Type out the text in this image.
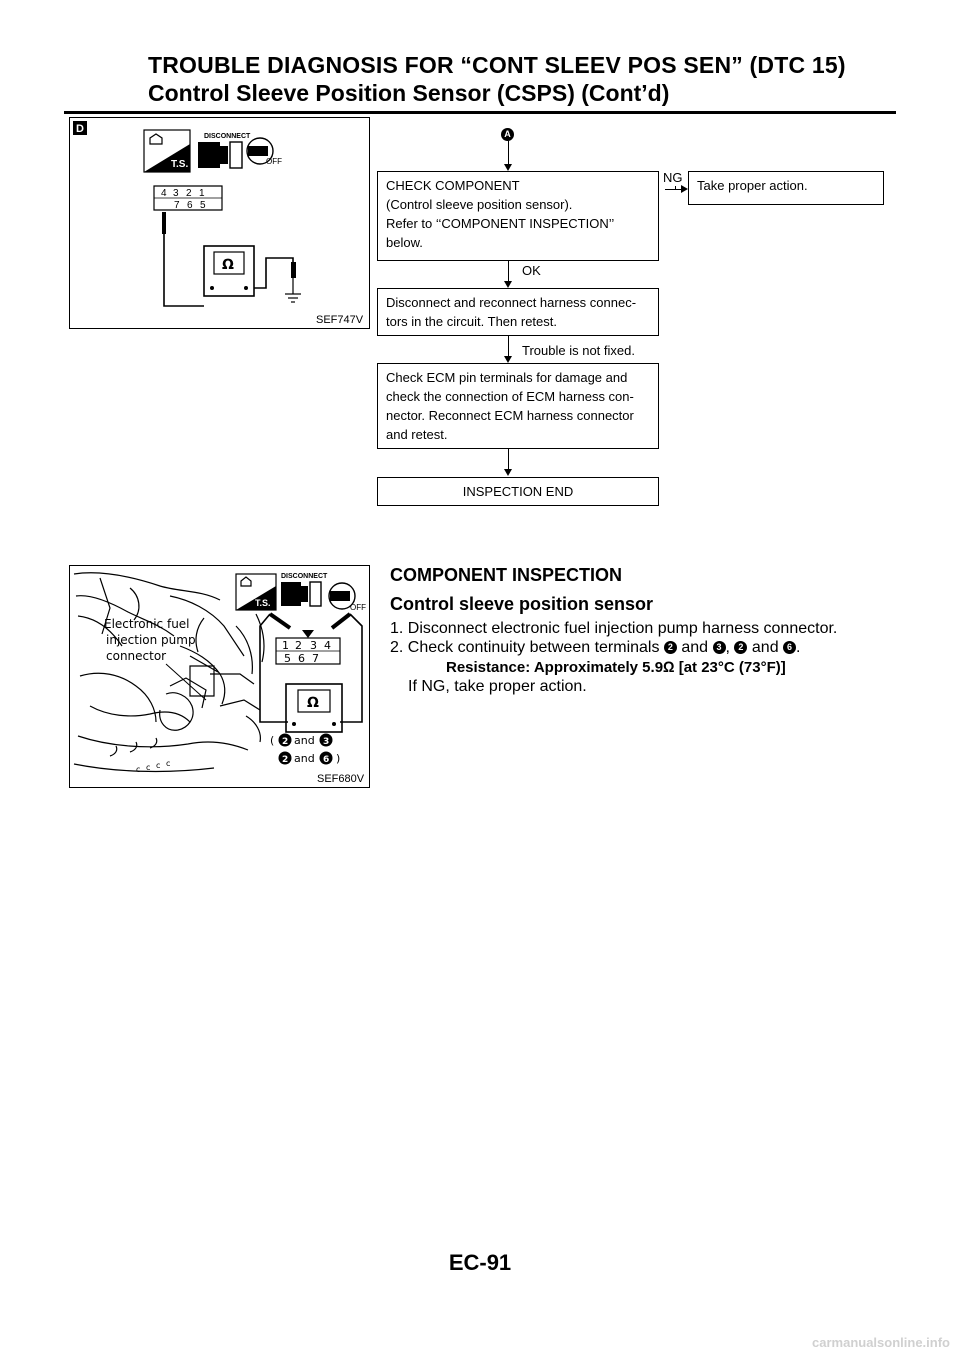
TROUBLE DIAGNOSIS FOR “CONT SLEEV POS SEN” (DTC 15)
Control Sleeve Position Sensor (CSPS) (Cont’d)
D
T.S.
DISCONNECT
OFF
4 3 2 1
7 6 5
Ω
SEF747V
A
CHECK COMPONENT
(Control sleeve position sensor).
Refer to ‘‘COMPONENT INSPECTION’’
below.
NG
Take proper action.
OK
Disconnect and reconnect harness connec-
tors in the circuit. Then retest.
Trouble is not fixed.
Check ECM pin terminals for damage and
check the connection of ECM harness con-
nector. Reconnect ECM harness connector
and retest.
INSPECTION END
c c c c
Electronic fuel
injection pump
connector
T.S.
DISCONNECT
OFF
1 2 3 4
5 6 7
Ω
( 2 and 3
2 and 6 )
SEF680V
COMPONENT INSPECTION
Control sleeve position sensor
1. Disconnect electronic fuel injection pump harness connector.
2. Check continuity between terminals 2 and 3 , 2 and 6 .
Resistance: Approximately 5.9Ω [at 23°C (73°F)]
If NG, take proper action.
EC-91
carmanualsonline.info
